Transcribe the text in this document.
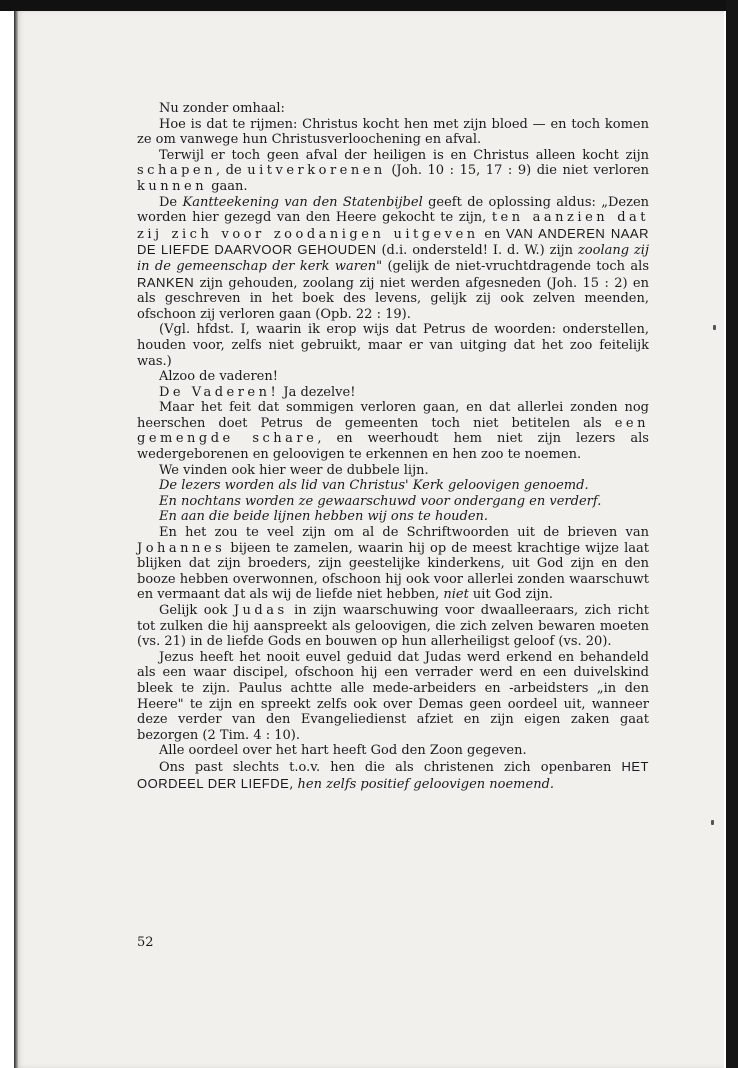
Nu zonder omhaal:

Hoe is dat te rijmen: Christus kocht hen met zijn bloed — en toch komen ze om vanwege hun Christusverloochening en afval.

Terwijl er toch geen afval der heiligen is en Christus alleen kocht zijn schapen, de uitverkorenen (Joh. 10 : 15, 17 : 9) die niet verloren kunnen gaan.

De Kantteekening van den Statenbijbel geeft de oplossing aldus: „Dezen worden hier gezegd van den Heere gekocht te zijn, ten aanzien dat zij zich voor zoodanigen uitgeven en VAN ANDEREN NAAR DE LIEFDE DAARVOOR GEHOUDEN (d.i. ondersteld! I. d. W.) zijn zoolang zij in de gemeenschap der kerk waren" (gelijk de niet-vruchtdragende toch als RANKEN zijn gehouden, zoolang zij niet werden afgesneden (Joh. 15 : 2) en als geschreven in het boek des levens, gelijk zij ook zelven meenden, ofschoon zij verloren gaan (Opb. 22 : 19).

(Vgl. hfdst. I, waarin ik erop wijs dat Petrus de woorden: onderstellen, houden voor, zelfs niet gebruikt, maar er van uitging dat het zoo feitelijk was.)

Alzoo de vaderen!

De Vaderen! Ja dezelve!

Maar het feit dat sommigen verloren gaan, en dat allerlei zonden nog heerschen doet Petrus de gemeenten toch niet betitelen als een gemengde schare, en weerhoudt hem niet zijn lezers als wedergeborenen en geloovigen te erkennen en hen zoo te noemen.

We vinden ook hier weer de dubbele lijn.

De lezers worden als lid van Christus' Kerk geloovigen genoemd.

En nochtans worden ze gewaarschuwd voor ondergang en verderf.

En aan die beide lijnen hebben wij ons te houden.

En het zou te veel zijn om al de Schriftwoorden uit de brieven van Johannes bijeen te zamelen, waarin hij op de meest krachtige wijze laat blijken dat zijn broeders, zijn geestelijke kinderkens, uit God zijn en den booze hebben overwonnen, ofschoon hij ook voor allerlei zonden waarschuwt en vermaant dat als wij de liefde niet hebben, niet uit God zijn.

Gelijk ook Judas in zijn waarschuwing voor dwaalleeraars, zich richt tot zulken die hij aanspreekt als geloovigen, die zich zelven bewaren moeten (vs. 21) in de liefde Gods en bouwen op hun allerheiligst geloof (vs. 20).

Jezus heeft het nooit euvel geduid dat Judas werd erkend en behandeld als een waar discipel, ofschoon hij een verrader werd en een duivelskind bleek te zijn. Paulus achtte alle mede-arbeiders en -arbeidsters „in den Heere" te zijn en spreekt zelfs ook over Demas geen oordeel uit, wanneer deze verder van den Evangeliedienst afziet en zijn eigen zaken gaat bezorgen (2 Tim. 4 : 10).

Alle oordeel over het hart heeft God den Zoon gegeven.

Ons past slechts t.o.v. hen die als christenen zich openbaren HET OORDEEL DER LIEFDE, hen zelfs positief geloovigen noemend.

52
